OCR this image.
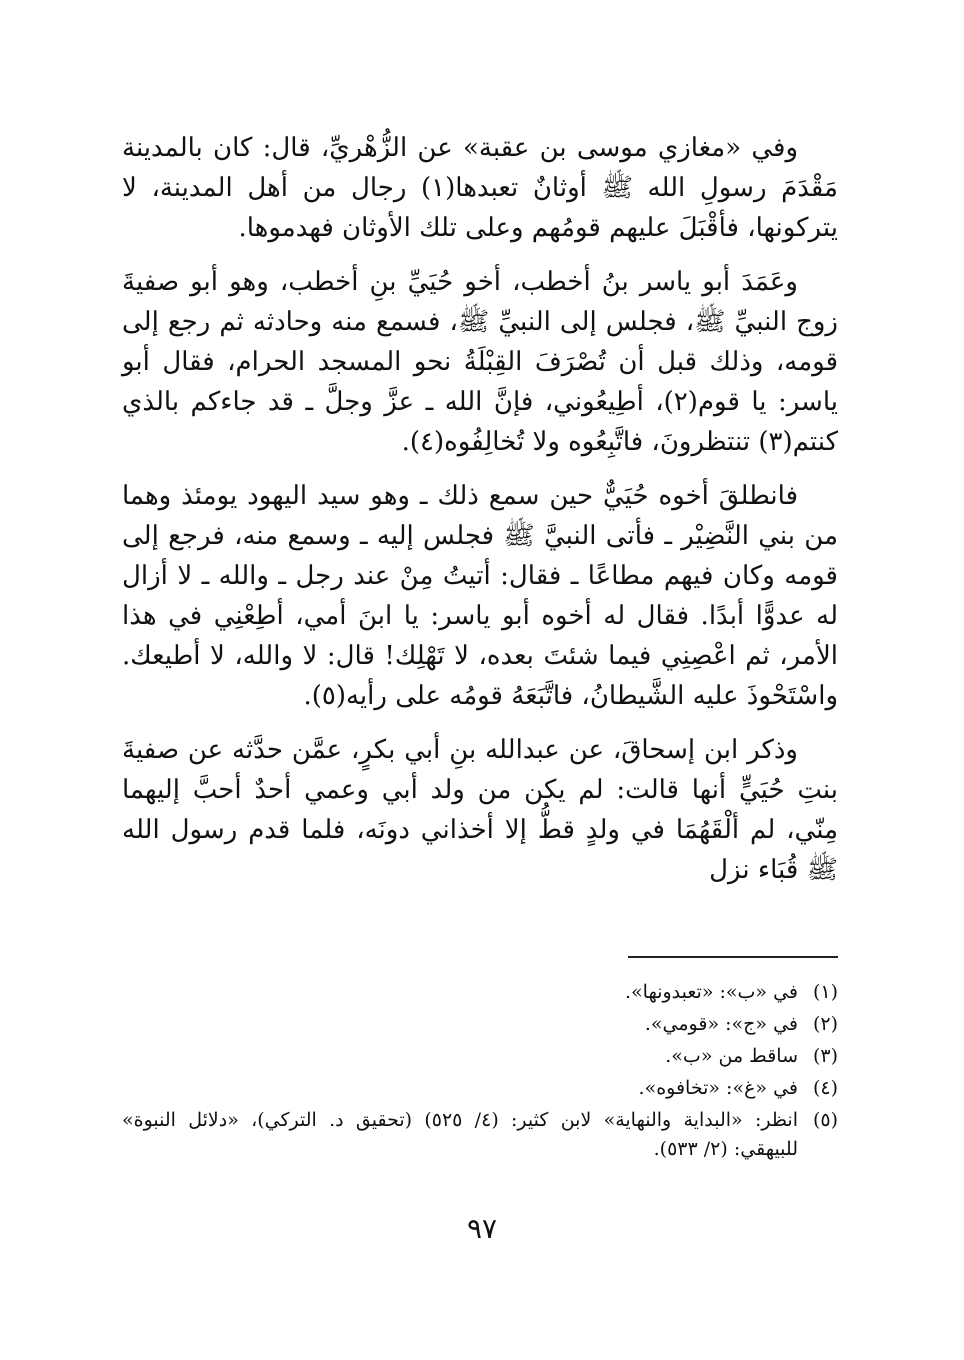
وفي «مغازي موسى بن عقبة» عن الزُّهْريِّ، قال: كان بالمدينة مَقْدَمَ رسولِ الله ﷺ أوثانٌ تعبدها(١) رجال من أهل المدينة، لا يتركونها، فأقْبَلَ عليهم قومُهم وعلى تلك الأوثان فهدموها.

وعَمَدَ أبو ياسر بنُ أخطب، أخو حُيَيِّ بنِ أخطب، وهو أبو صفيةَ زوج النبيِّ ﷺ، فجلس إلى النبيِّ ﷺ، فسمع منه وحادثه ثم رجع إلى قومه، وذلك قبل أن تُصْرَفَ القِبْلَةُ نحو المسجد الحرام، فقال أبو ياسر: يا قوم(٢)، أطِيعُوني، فإنَّ الله ـ عزَّ وجلَّ ـ قد جاءكم بالذي كنتم(٣) تنتظرونَ، فاتَّبِعُوه ولا تُخالِفُوه(٤).

فانطلقَ أخوه حُيَيٌّ حين سمع ذلك ـ وهو سيد اليهود يومئذ وهما من بني النَّضِيْر ـ فأتى النبيَّ ﷺ فجلس إليه ـ وسمع منه، فرجع إلى قومه وكان فيهم مطاعًا ـ فقال: أتيتُ مِنْ عند رجل ـ والله ـ لا أزال له عدوًّا أبدًا. فقال له أخوه أبو ياسر: يا ابنَ أمي، أطِعْنِي في هذا الأمر، ثم اعْصِنِي فيما شئتَ بعده، لا تَهْلِك! قال: لا والله، لا أطيعك. واسْتَحْوذَ عليه الشَّيطانُ، فاتَّبَعَهُ قومُه على رأيه(٥).

وذكر ابن إسحاقَ، عن عبدالله بنِ أبي بكرٍ، عمَّن حدَّثه عن صفيةَ بنتِ حُيَيٍّ أنها قالت: لم يكن من ولد أبي وعمي أحدٌ أحبَّ إليهما مِنّي، لم ألْقَهُمَا في ولدٍ قطُّ إلا أخذاني دونَه، فلما قدم رسول الله ﷺ قُبَاء نزل

(١)
في «ب»: «تعبدونها».
(٢)
في «ج»: «قومي».
(٣)
ساقط من «ب».
(٤)
في «غ»: «تخافوه».
(٥)
انظر: «البداية والنهاية» لابن كثير: (٤/ ٥٢٥) (تحقيق د. التركي)، «دلائل النبوة» للبيهقي: (٢/ ٥٣٣).
٩٧
